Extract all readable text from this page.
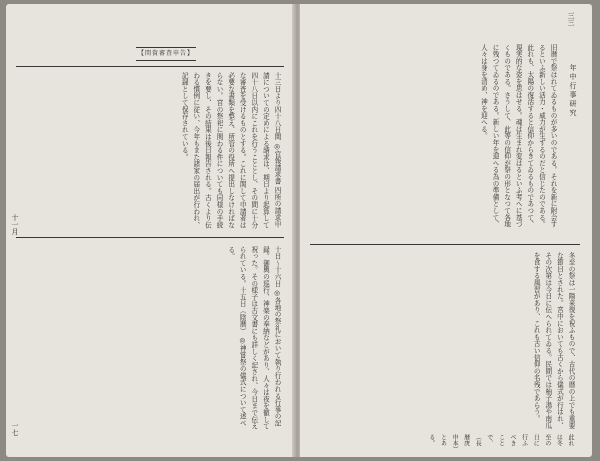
【閏資審査申告】
十三日より四十八日間 ◎官報請求書 四所の請求申請についての定めによる請求は、期日より起算して四十八日以内にこれを行うこととし、その間に十分な審査を受けるものとする。これに関して申請者は必要な書類を整え、所管の役所へ提出しなければならない。宮の祭祀に関わる件についても同様の手続きを要し、その結果は後日報告される。古くより伝わる慣例に従い、今年もまた諸家の届出が行われ、記録として保存されている。
十日〜十六日 ◎各地の祭礼において執り行われる行事の記録。御輿の巡行、神楽の奉納などがあり、人々は夜を徹して祝った。その様子は古文書にも詳しく記され、今日まで伝えられている。十五日（陰暦） ◎神嘗祭の儀式について述べる。
十一月
一七
三三
年中行事研究
旧暦で祭はれてゐるものが多いのである。それを新に附会するといふ新しい活力・威力が生ずるのだと信じたのである。此れも、太陽の復活すると信仰からきてゐるものであつて、現実的な姿を思はせる。魂は生まれ変はるといふ考へに基づくものである。さうして、此等の信仰が祭の形となつて各地に残つてゐるのである。新しい年を迎へる為の準備として、人々は身を清め、神を迎へる。
冬至の祭は一陽来復を祝ふもので、古代の暦の上でも重要な節目とされた。宮中においても古くから儀式が行はれ、その次第は今日に伝へられてゐる。民間では柚子湯や南瓜を食する風習があり、これも古い信仰の名残であらう。
此れは冬至の日に行ふべきことで、（長暦庚申本）とある。
